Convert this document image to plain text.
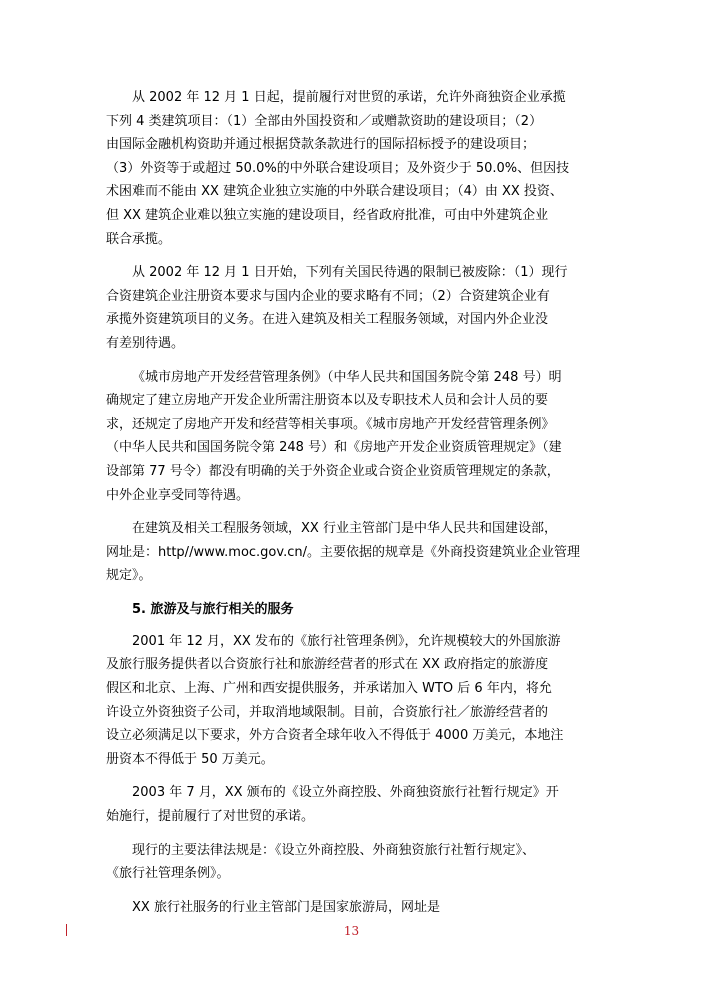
从 2002 年 12 月 1 日起，提前履行对世贸的承诺，允许外商独资企业承揽
下列 4 类建筑项目：（1）全部由外国投资和／或赠款资助的建设项目；（2）
由国际金融机构资助并通过根据贷款条款进行的国际招标授予的建设项目；
（3）外资等于或超过 50.0%的中外联合建设项目；及外资少于 50.0%、但因技
术困难而不能由 XX 建筑企业独立实施的中外联合建设项目；（4）由 XX 投资、
但 XX 建筑企业难以独立实施的建设项目，经省政府批准，可由中外建筑企业
联合承揽。
从 2002 年 12 月 1 日开始，下列有关国民待遇的限制已被废除：（1）现行
合资建筑企业注册资本要求与国内企业的要求略有不同；（2）合资建筑企业有
承揽外资建筑项目的义务。在进入建筑及相关工程服务领域，对国内外企业没
有差别待遇。
《城市房地产开发经营管理条例》（中华人民共和国国务院令第 248 号）明
确规定了建立房地产开发企业所需注册资本以及专职技术人员和会计人员的要
求，还规定了房地产开发和经营等相关事项。《城市房地产开发经营管理条例》
（中华人民共和国国务院令第 248 号）和《房地产开发企业资质管理规定》（建
设部第 77 号令）都没有明确的关于外资企业或合资企业资质管理规定的条款，
中外企业享受同等待遇。
在建筑及相关工程服务领域，XX 行业主管部门是中华人民共和国建设部，
网址是：http//www.moc.gov.cn/。主要依据的规章是《外商投资建筑业企业管理
规定》。
5. 旅游及与旅行相关的服务
2001 年 12 月，XX 发布的《旅行社管理条例》，允许规模较大的外国旅游
及旅行服务提供者以合资旅行社和旅游经营者的形式在 XX 政府指定的旅游度
假区和北京、上海、广州和西安提供服务，并承诺加入 WTO 后 6 年内，将允
许设立外资独资子公司，并取消地域限制。目前，合资旅行社／旅游经营者的
设立必须满足以下要求，外方合资者全球年收入不得低于 4000 万美元，本地注
册资本不得低于 50 万美元。
2003 年 7 月，XX 颁布的《设立外商控股、外商独资旅行社暂行规定》开
始施行，提前履行了对世贸的承诺。
现行的主要法律法规是：《设立外商控股、外商独资旅行社暂行规定》、
《旅行社管理条例》。
XX 旅行社服务的行业主管部门是国家旅游局，网址是
13
